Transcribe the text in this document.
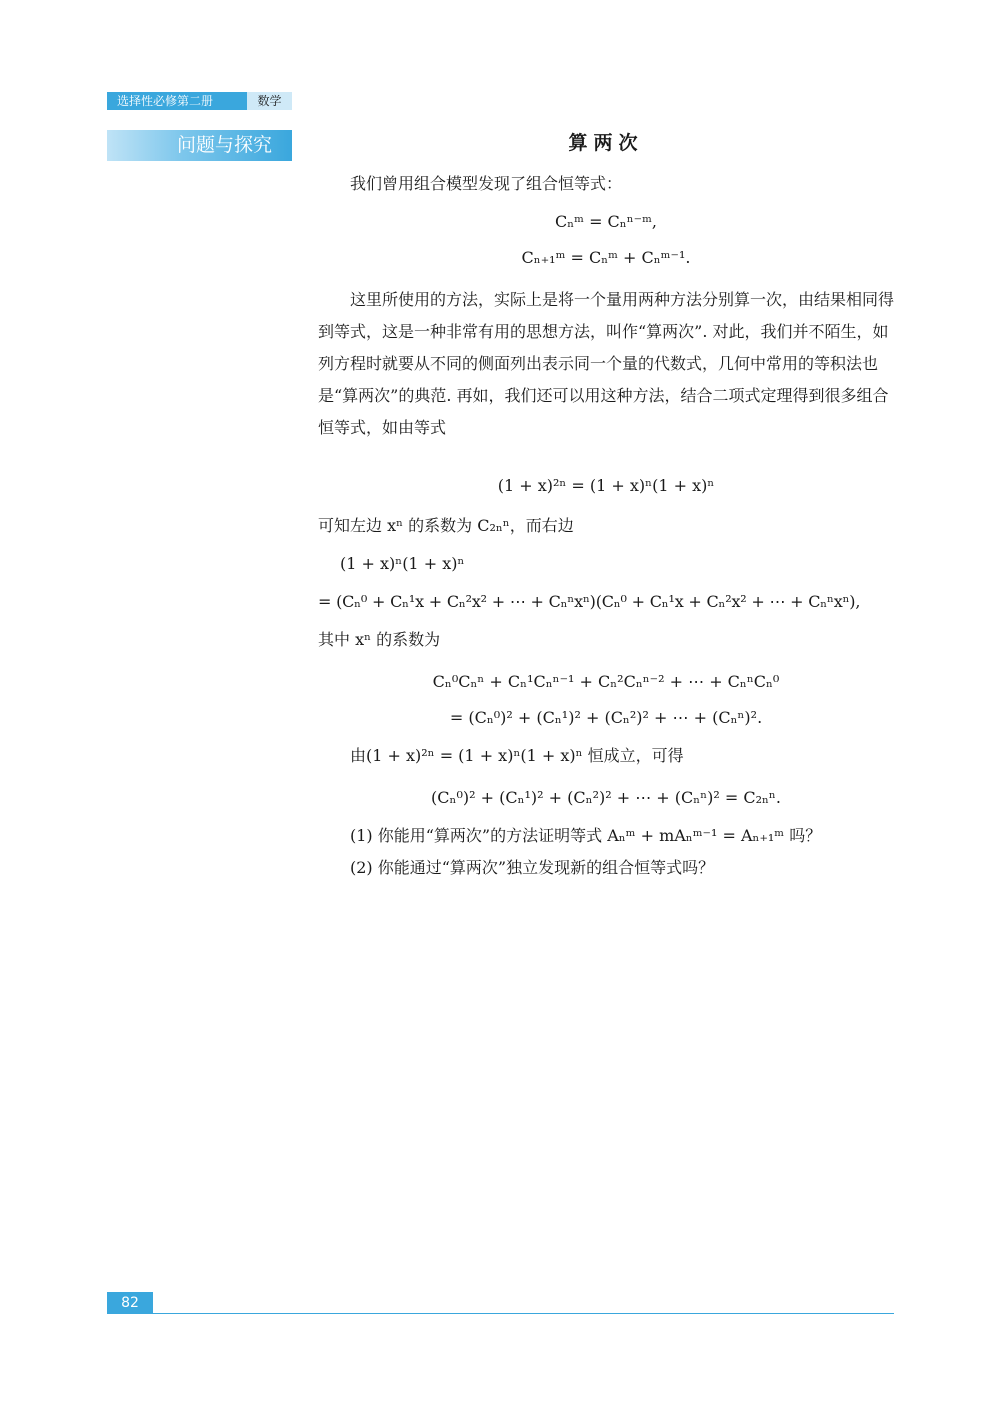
选择性必修第二册	数学
问题与探究	算两次
我们曾用组合模型发现了组合恒等式：
Cₙᵐ = Cₙⁿ⁻ᵐ,
Cₙ₊₁ᵐ = Cₙᵐ + Cₙᵐ⁻¹.
这里所使用的方法，实际上是将一个量用两种方法分别算一次，由结果相同得到等式，这是一种非常有用的思想方法，叫作“算两次”. 对此，我们并不陌生，如列方程时就要从不同的侧面列出表示同一个量的代数式，几何中常用的等积法也是“算两次”的典范. 再如，我们还可以用这种方法，结合二项式定理得到很多组合恒等式，如由等式
(1 + x)²ⁿ = (1 + x)ⁿ(1 + x)ⁿ
可知左边 xⁿ 的系数为 C₂ₙⁿ，而右边
(1 + x)ⁿ(1 + x)ⁿ
= (Cₙ⁰ + Cₙ¹x + Cₙ²x² + ⋯ + Cₙⁿxⁿ)(Cₙ⁰ + Cₙ¹x + Cₙ²x² + ⋯ + Cₙⁿxⁿ),
其中 xⁿ 的系数为
Cₙ⁰Cₙⁿ + Cₙ¹Cₙⁿ⁻¹ + Cₙ²Cₙⁿ⁻² + ⋯ + CₙⁿCₙ⁰
= (Cₙ⁰)² + (Cₙ¹)² + (Cₙ²)² + ⋯ + (Cₙⁿ)².
由(1 + x)²ⁿ = (1 + x)ⁿ(1 + x)ⁿ 恒成立，可得
(Cₙ⁰)² + (Cₙ¹)² + (Cₙ²)² + ⋯ + (Cₙⁿ)² = C₂ₙⁿ.
(1) 你能用“算两次”的方法证明等式 Aₙᵐ + mAₙᵐ⁻¹ = Aₙ₊₁ᵐ 吗？
(2) 你能通过“算两次”独立发现新的组合恒等式吗？
82
